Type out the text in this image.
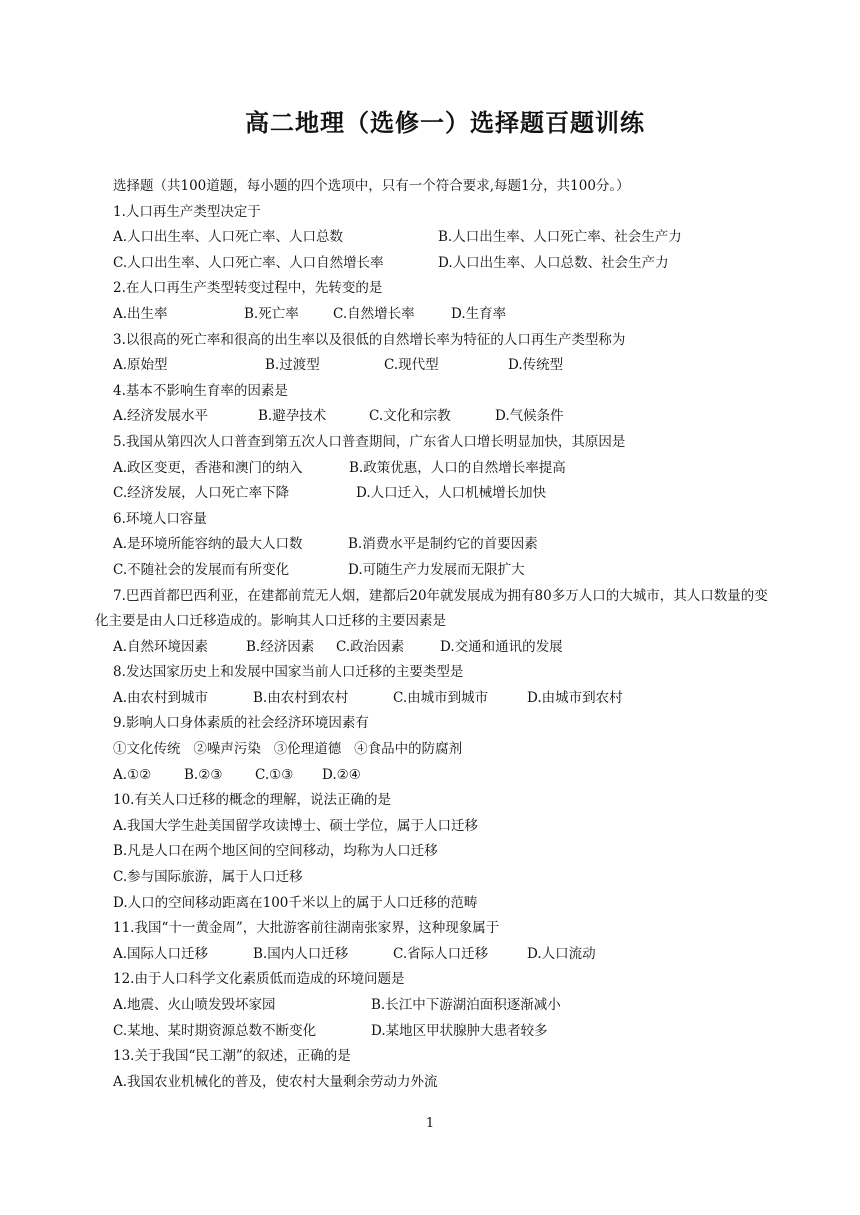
高二地理（选修一）选择题百题训练
选择题（共100道题，每小题的四个选项中，只有一个符合要求,每题1分，共100分。）
1.人口再生产类型决定于
A.人口出生率、人口死亡率、人口总数	B.人口出生率、人口死亡率、社会生产力
C.人口出生率、人口死亡率、人口自然增长率	D.人口出生率、人口总数、社会生产力
2.在人口再生产类型转变过程中，先转变的是
A.出生率	B.死亡率	C.自然增长率	D.生育率
3.以很高的死亡率和很高的出生率以及很低的自然增长率为特征的人口再生产类型称为
A.原始型	B.过渡型	C.现代型	D.传统型
4.基本不影响生育率的因素是
A.经济发展水平	B.避孕技术	C.文化和宗教	D.气候条件
5.我国从第四次人口普查到第五次人口普查期间，广东省人口增长明显加快，其原因是
A.政区变更，香港和澳门的纳入	B.政策优惠，人口的自然增长率提高
C.经济发展，人口死亡率下降	D.人口迁入，人口机械增长加快
6.环境人口容量
A.是环境所能容纳的最大人口数	B.消费水平是制约它的首要因素
C.不随社会的发展而有所变化	D.可随生产力发展而无限扩大

7.巴西首都巴西利亚，在建都前荒无人烟，建都后20年就发展成为拥有80多万人口的大城市，其人口数量的变化主要是由人口迁移造成的。影响其人口迁移的主要因素是

A.自然环境因素	B.经济因素	C.政治因素	D.交通和通讯的发展
8.发达国家历史上和发展中国家当前人口迁移的主要类型是
A.由农村到城市	B.由农村到农村	C.由城市到城市	D.由城市到农村
9.影响人口身体素质的社会经济环境因素有
①文化传统   ②噪声污染   ③伦理道德   ④食品中的防腐剂
A.①②	B.②③	C.①③	D.②④
10.有关人口迁移的概念的理解，说法正确的是
A.我国大学生赴美国留学攻读博士、硕士学位，属于人口迁移
B.凡是人口在两个地区间的空间移动，均称为人口迁移
C.参与国际旅游，属于人口迁移
D.人口的空间移动距离在100千米以上的属于人口迁移的范畴
11.我国“十一黄金周”，大批游客前往湖南张家界，这种现象属于
A.国际人口迁移	B.国内人口迁移	C.省际人口迁移	D.人口流动
12.由于人口科学文化素质低而造成的环境问题是
A.地震、火山喷发毁坏家园	B.长江中下游湖泊面积逐渐减小
C.某地、某时期资源总数不断变化	D.某地区甲状腺肿大患者较多
13.关于我国“民工潮”的叙述，正确的是
A.我国农业机械化的普及，使农村大量剩余劳动力外流
1
